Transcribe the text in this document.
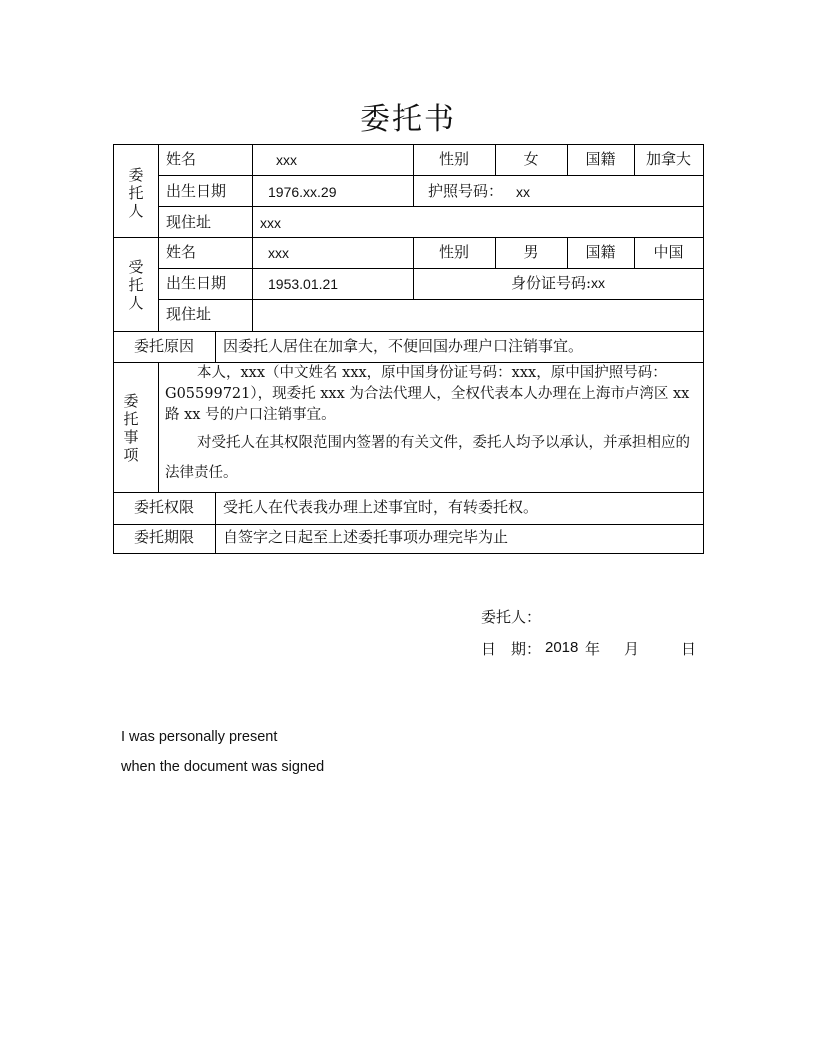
委托书
委托人
姓名	xxx	性别	女	国籍	加拿大
出生日期	1976.xx.29	护照号码： xx
现住址	xxx
受托人
姓名	xxx	性别	男	国籍	中国
出生日期	1953.01.21	身份证号码:xx
现住址
委托原因	因委托人居住在加拿大，不便回国办理户口注销事宜。
委托事项
本人，xxx（中文姓名 xxx，原中国身份证号码：xxx，原中国护照号码：G05599721），现委托 xxx 为合法代理人，全权代表本人办理在上海市卢湾区 xx 路 xx 号的户口注销事宜。
对受托人在其权限范围内签署的有关文件，委托人均予以承认，并承担相应的法律责任。
委托权限	受托人在代表我办理上述事宜时，有转委托权。
委托期限	自签字之日起至上述委托事项办理完毕为止
委托人：
日　期： 2018 年 月	日
I was personally present
when the document was signed
